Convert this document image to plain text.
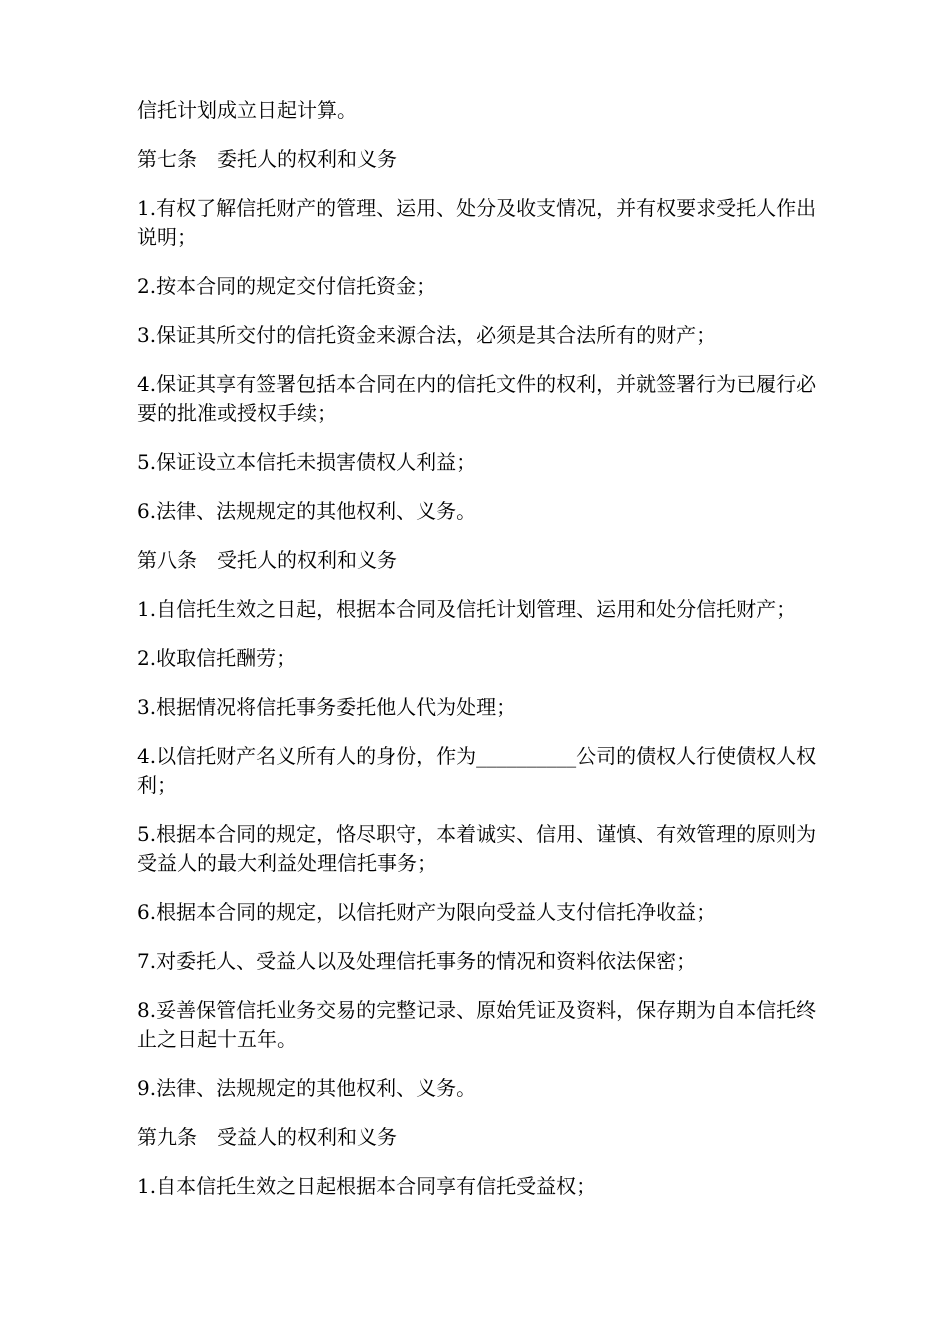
信托计划成立日起计算。

第七条　委托人的权利和义务

1.有权了解信托财产的管理、运用、处分及收支情况，并有权要求受托人作出说明；

2.按本合同的规定交付信托资金；

3.保证其所交付的信托资金来源合法，必须是其合法所有的财产；

4.保证其享有签署包括本合同在内的信托文件的权利，并就签署行为已履行必要的批准或授权手续；

5.保证设立本信托未损害债权人利益；

6.法律、法规规定的其他权利、义务。

第八条　受托人的权利和义务

1.自信托生效之日起，根据本合同及信托计划管理、运用和处分信托财产；

2.收取信托酬劳；

3.根据情况将信托事务委托他人代为处理；

4.以信托财产名义所有人的身份，作为__________公司的债权人行使债权人权利；

5.根据本合同的规定，恪尽职守，本着诚实、信用、谨慎、有效管理的原则为受益人的最大利益处理信托事务；

6.根据本合同的规定，以信托财产为限向受益人支付信托净收益；

7.对委托人、受益人以及处理信托事务的情况和资料依法保密；

8.妥善保管信托业务交易的完整记录、原始凭证及资料，保存期为自本信托终止之日起十五年。

9.法律、法规规定的其他权利、义务。

第九条　受益人的权利和义务

1.自本信托生效之日起根据本合同享有信托受益权；
